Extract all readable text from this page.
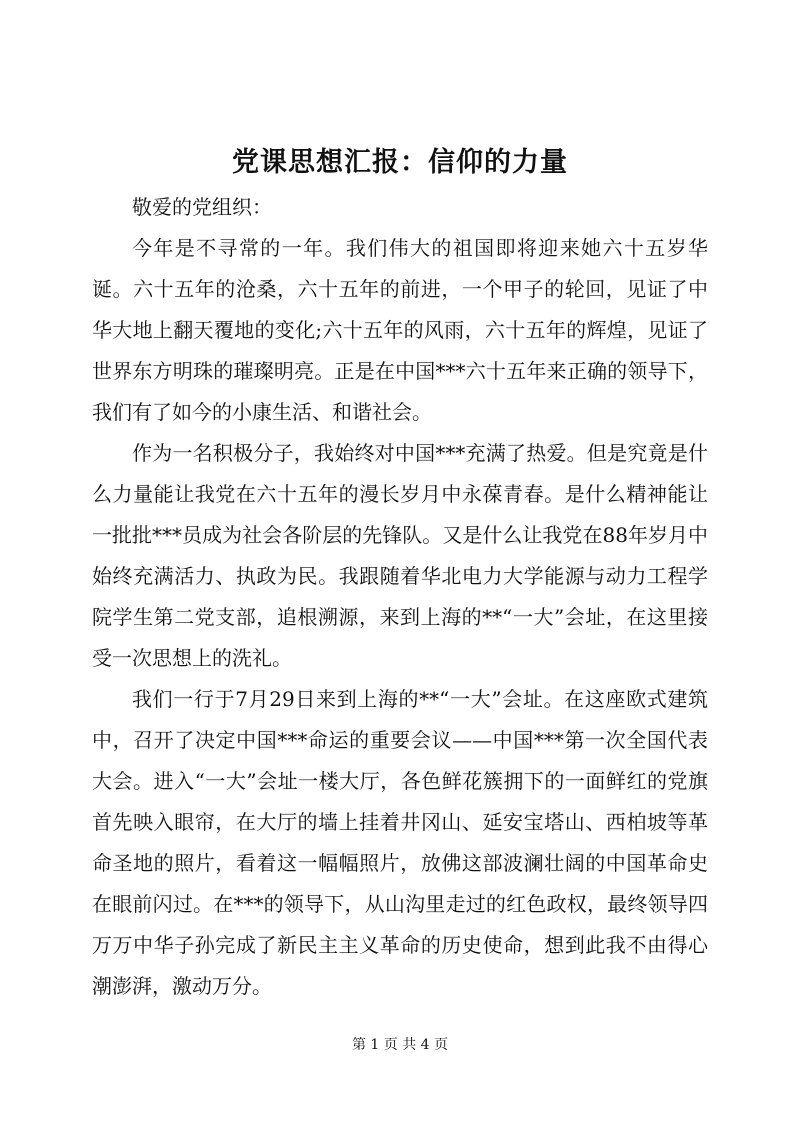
党课思想汇报：信仰的力量

敬爱的党组织：

今年是不寻常的一年。我们伟大的祖国即将迎来她六十五岁华诞。六十五年的沧桑，六十五年的前进，一个甲子的轮回，见证了中华大地上翻天覆地的变化;六十五年的风雨，六十五年的辉煌，见证了世界东方明珠的璀璨明亮。正是在中国***六十五年来正确的领导下，我们有了如今的小康生活、和谐社会。

作为一名积极分子，我始终对中国***充满了热爱。但是究竟是什么力量能让我党在六十五年的漫长岁月中永葆青春。是什么精神能让一批批***员成为社会各阶层的先锋队。又是什么让我党在88年岁月中始终充满活力、执政为民。我跟随着华北电力大学能源与动力工程学院学生第二党支部，追根溯源，来到上海的**“一大”会址，在这里接受一次思想上的洗礼。

我们一行于7月29日来到上海的**“一大”会址。在这座欧式建筑中，召开了决定中国***命运的重要会议——中国***第一次全国代表大会。进入“一大”会址一楼大厅，各色鲜花簇拥下的一面鲜红的党旗首先映入眼帘，在大厅的墙上挂着井冈山、延安宝塔山、西柏坡等革命圣地的照片，看着这一幅幅照片，放佛这部波澜壮阔的中国革命史在眼前闪过。在***的领导下，从山沟里走过的红色政权，最终领导四万万中华子孙完成了新民主主义革命的历史使命，想到此我不由得心潮澎湃，激动万分。

第 1 页 共 4 页
